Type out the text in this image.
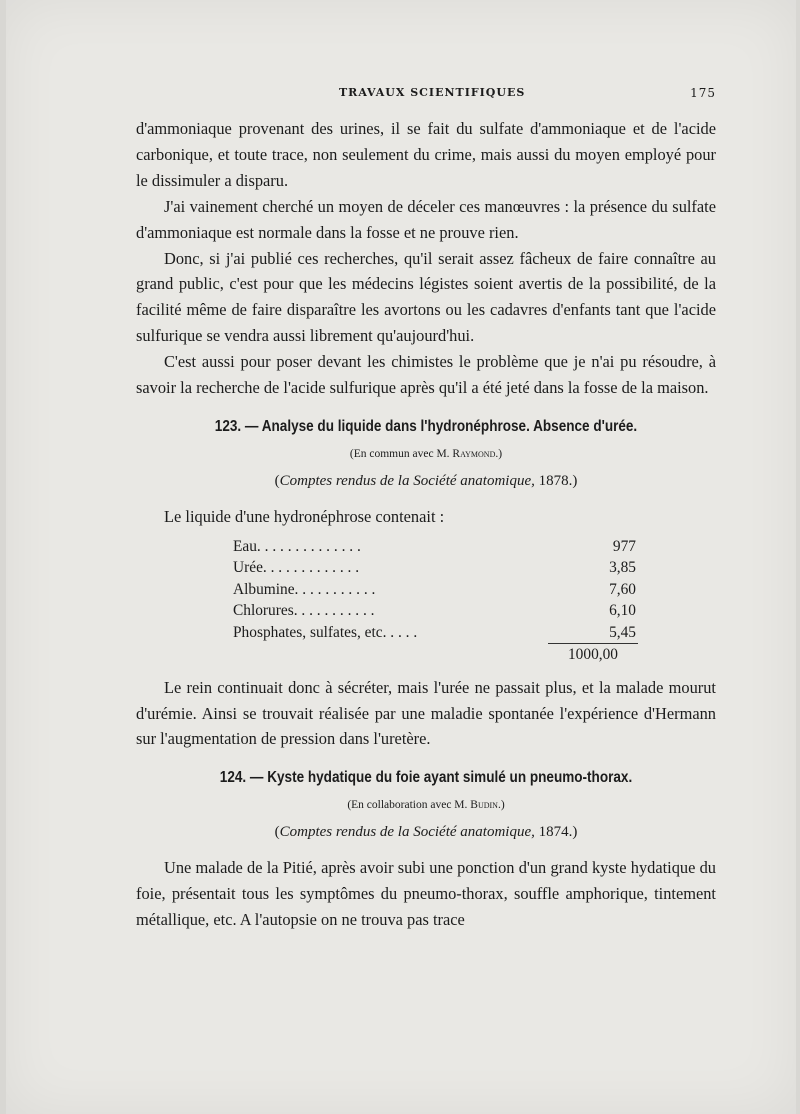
TRAVAUX SCIENTIFIQUES	175

d'ammoniaque provenant des urines, il se fait du sulfate d'ammoniaque et de l'acide carbonique, et toute trace, non seulement du crime, mais aussi du moyen employé pour le dissimuler a disparu.

J'ai vainement cherché un moyen de déceler ces manœuvres : la présence du sulfate d'ammoniaque est normale dans la fosse et ne prouve rien.

Donc, si j'ai publié ces recherches, qu'il serait assez fâcheux de faire connaître au grand public, c'est pour que les médecins légistes soient avertis de la possibilité, de la facilité même de faire disparaître les avortons ou les cadavres d'enfants tant que l'acide sulfurique se vendra aussi librement qu'aujourd'hui.

C'est aussi pour poser devant les chimistes le problème que je n'ai pu résoudre, à savoir la recherche de l'acide sulfurique après qu'il a été jeté dans la fosse de la maison.

123. — Analyse du liquide dans l'hydronéphrose. Absence d'urée.
(En commun avec M. Raymond.)
(Comptes rendus de la Société anatomique, 1878.)

Le liquide d'une hydronéphrose contenait :

Eau. . . . . . . . . . . . . .	977
Urée. . . . . . . . . . . . .	3,85
Albumine. . . . . . . . . . .	7,60
Chlorures. . . . . . . . . . .	6,10
Phosphates, sulfates, etc. . . . .	5,45
1000,00

Le rein continuait donc à sécréter, mais l'urée ne passait plus, et la malade mourut d'urémie. Ainsi se trouvait réalisée par une maladie spontanée l'expérience d'Hermann sur l'augmentation de pression dans l'uretère.

124. — Kyste hydatique du foie ayant simulé un pneumo-thorax.
(En collaboration avec M. Budin.)
(Comptes rendus de la Société anatomique, 1874.)

Une malade de la Pitié, après avoir subi une ponction d'un grand kyste hydatique du foie, présentait tous les symptômes du pneumo-thorax, souffle amphorique, tintement métallique, etc. A l'autopsie on ne trouva pas trace
